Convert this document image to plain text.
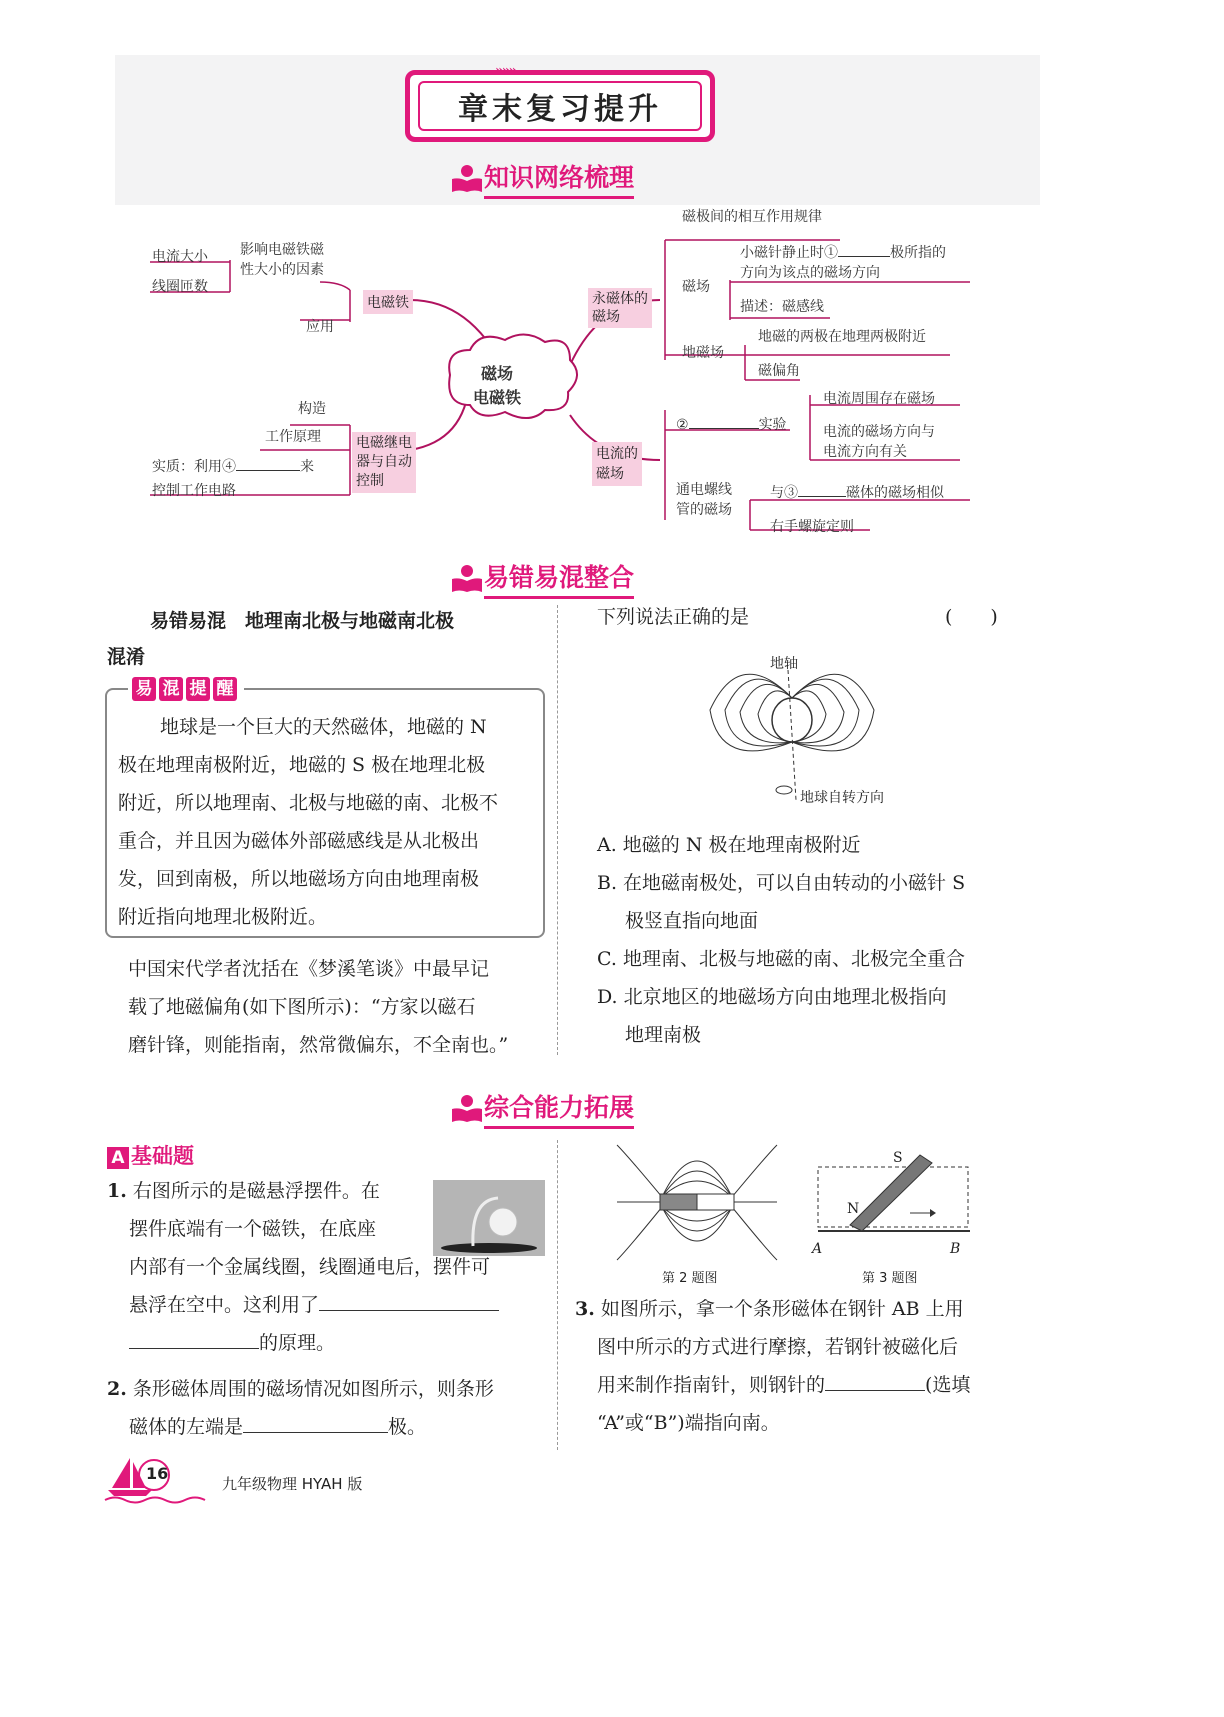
章末复习提升
知识网络梳理
磁场
电磁铁
电磁铁
影响电磁铁磁
性大小的因素
电流大小
线圈匝数
应用
电磁继电
器与自动
控制
构造
工作原理
实质：利用④	来
控制工作电路
永磁体的
磁场
磁极间的相互作用规律
磁场
小磁针静止时①	极所指的
方向为该点的磁场方向
描述：磁感线
地磁场
地磁的两极在地理两极附近
磁偏角
电流的
磁场
②	实验
电流周围存在磁场
电流的磁场方向与
电流方向有关
通电螺线
管的磁场
与③	磁体的磁场相似
右手螺旋定则
易错易混整合
易错易混　地理南北极与地磁南北极
混淆
易 混 提 醒
地球是一个巨大的天然磁体，地磁的 N
极在地理南极附近，地磁的 S 极在地理北极
附近，所以地理南、北极与地磁的南、北极不
重合，并且因为磁体外部磁感线是从北极出
发，回到南极，所以地磁场方向由地理南极
附近指向地理北极附近。
中国宋代学者沈括在《梦溪笔谈》中最早记
载了地磁偏角(如下图所示)：“方家以磁石
磨针锋，则能指南，然常微偏东，不全南也。”
下列说法正确的是	(　　)
地轴
地球自转方向
A. 地磁的 N 极在地理南极附近
B. 在地磁南极处，可以自由转动的小磁针 S
极竖直指向地面
C. 地理南、北极与地磁的南、北极完全重合
D. 北京地区的地磁场方向由地理北极指向
地理南极
综合能力拓展
A 基础题
1. 右图所示的是磁悬浮摆件。在
摆件底端有一个磁铁，在底座
内部有一个金属线圈，线圈通电后，摆件可
悬浮在空中。这利用了
的原理。
2. 条形磁体周围的磁场情况如图所示，则条形
磁体的左端是	极。
第 2 题图
S
N
A	B
第 3 题图
3. 如图所示，拿一个条形磁体在钢针 AB 上用
图中所示的方式进行摩擦，若钢针被磁化后
用来制作指南针，则钢针的	(选填
“A”或“B”)端指向南。
16
九年级物理 HYAH 版
